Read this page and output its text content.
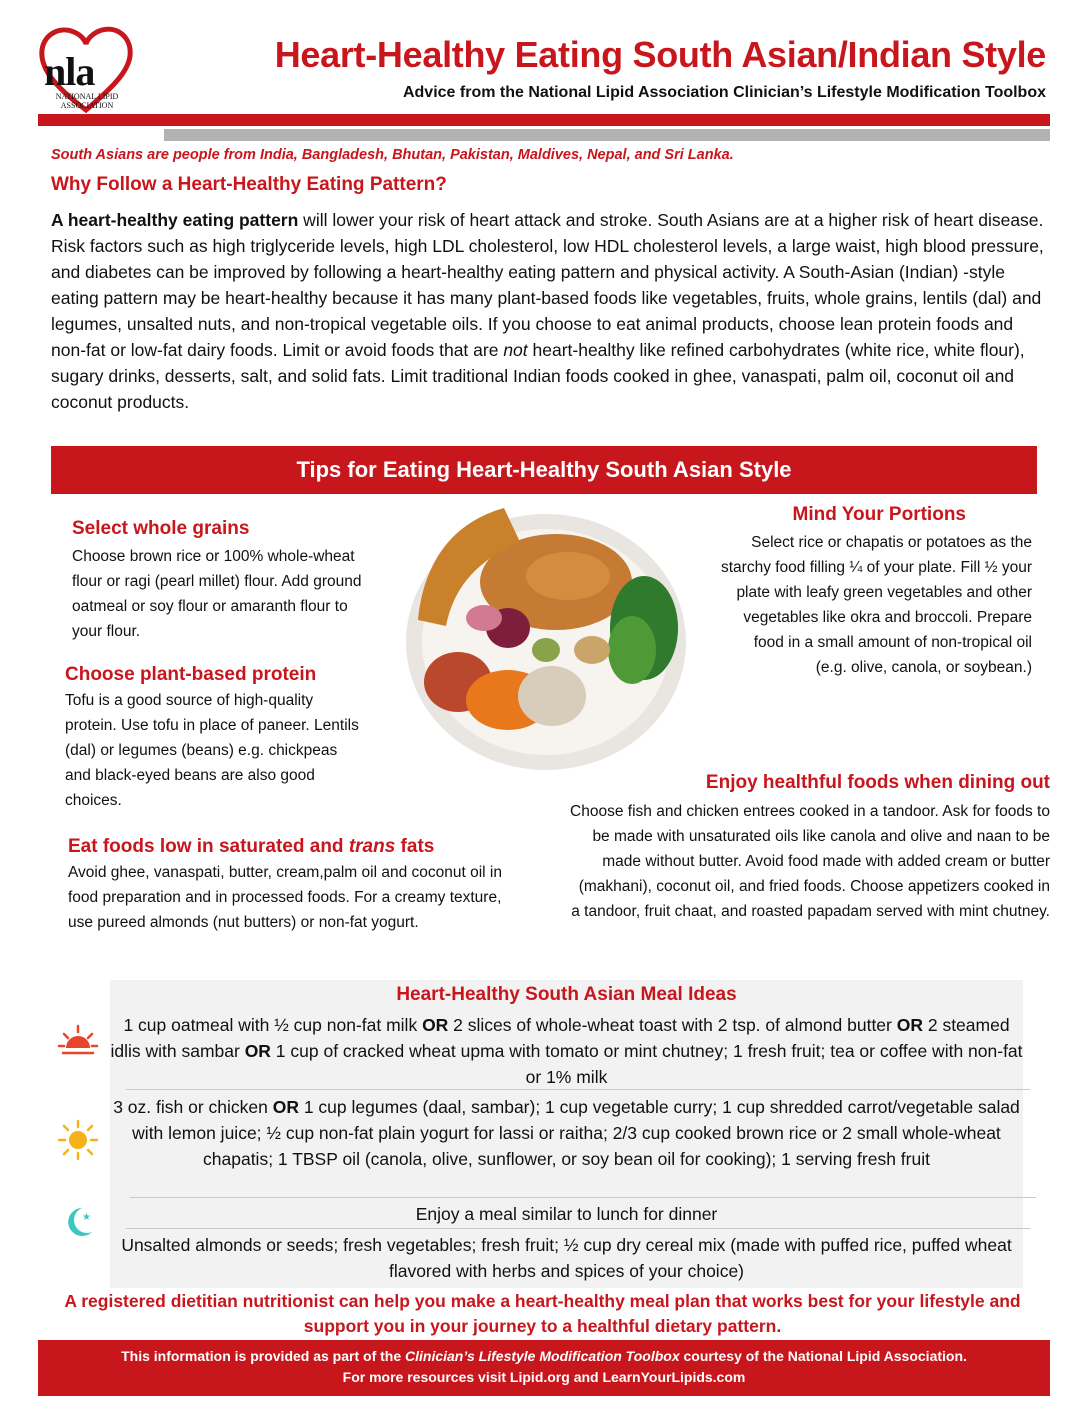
nla
NATIONAL LIPID ASSOCIATION
Heart-Healthy Eating South Asian/Indian Style
Advice from the National Lipid Association Clinician’s Lifestyle Modification Toolbox
South Asians are people from India, Bangladesh, Bhutan, Pakistan, Maldives, Nepal, and Sri Lanka.
Why Follow a Heart-Healthy Eating Pattern?
A heart-healthy eating pattern will lower your risk of heart attack and stroke. South Asians are at a higher risk of heart disease. Risk factors such as high triglyceride levels, high LDL cholesterol, low HDL cholesterol levels, a large waist, high blood pressure, and diabetes can be improved by following a heart-healthy eating pattern and physical activity. A South-Asian (Indian) -style eating pattern may be heart-healthy because it has many plant-based foods like vegetables, fruits, whole grains, lentils (dal) and legumes, unsalted nuts, and non-tropical vegetable oils. If you choose to eat animal products, choose lean protein foods and non-fat or low-fat dairy foods. Limit or avoid foods that are not heart-healthy like refined carbohydrates (white rice, white flour), sugary drinks, desserts, salt, and solid fats. Limit traditional Indian foods cooked in ghee, vanaspati, palm oil, coconut oil and coconut products.
Tips for Eating Heart-Healthy South Asian Style
Select whole grains
Choose brown rice or 100% whole-wheat flour or ragi (pearl millet) flour. Add ground oatmeal or soy flour or amaranth flour to your flour.
Choose plant-based protein
Tofu is a good source of high-quality protein. Use tofu in place of paneer. Lentils (dal) or legumes (beans) e.g. chickpeas and black-eyed beans are also good choices.
Eat foods low in saturated and trans fats
Avoid ghee, vanaspati, butter, cream,palm oil and coconut oil in food preparation and in processed foods. For a creamy texture, use pureed almonds (nut butters) or non-fat yogurt.
Mind Your Portions
Select rice or chapatis or potatoes as the starchy food filling ¼ of your plate. Fill ½ your plate with leafy green vegetables and other vegetables like okra and broccoli. Prepare food in a small amount of non-tropical oil (e.g. olive, canola, or soybean.)
Enjoy healthful foods when dining out
Choose fish and chicken entrees cooked in a tandoor. Ask for foods to be made with unsaturated oils like canola and olive and naan to be made without butter. Avoid food made with added cream or butter (makhani), coconut oil, and fried foods. Choose appetizers cooked in a tandoor, fruit chaat, and roasted papadam served with mint chutney.
Heart-Healthy South Asian Meal Ideas
1 cup oatmeal with ½ cup non-fat milk OR 2 slices of whole-wheat toast with 2 tsp. of almond butter OR 2 steamed idlis with sambar OR 1 cup of cracked wheat upma with tomato or mint chutney; 1 fresh fruit; tea or coffee with non-fat or 1% milk
3 oz. fish or chicken OR 1 cup legumes (daal, sambar); 1 cup vegetable curry; 1 cup shredded carrot/vegetable salad with lemon juice; ½ cup non-fat plain yogurt for lassi or raitha; 2/3 cup cooked brown rice or 2 small whole-wheat chapatis; 1 TBSP oil (canola, olive, sunflower, or soy bean oil for cooking); 1 serving fresh fruit
★	Enjoy a meal similar to lunch for dinner
Unsalted almonds or seeds; fresh vegetables; fresh fruit; ½ cup dry cereal mix (made with puffed rice, puffed wheat flavored with herbs and spices of your choice)
A registered dietitian nutritionist can help you make a heart-healthy meal plan that works best for your lifestyle and support you in your journey to a healthful dietary pattern.
This information is provided as part of the Clinician’s Lifestyle Modification Toolbox courtesy of the National Lipid Association.
For more resources visit Lipid.org and LearnYourLipids.com
